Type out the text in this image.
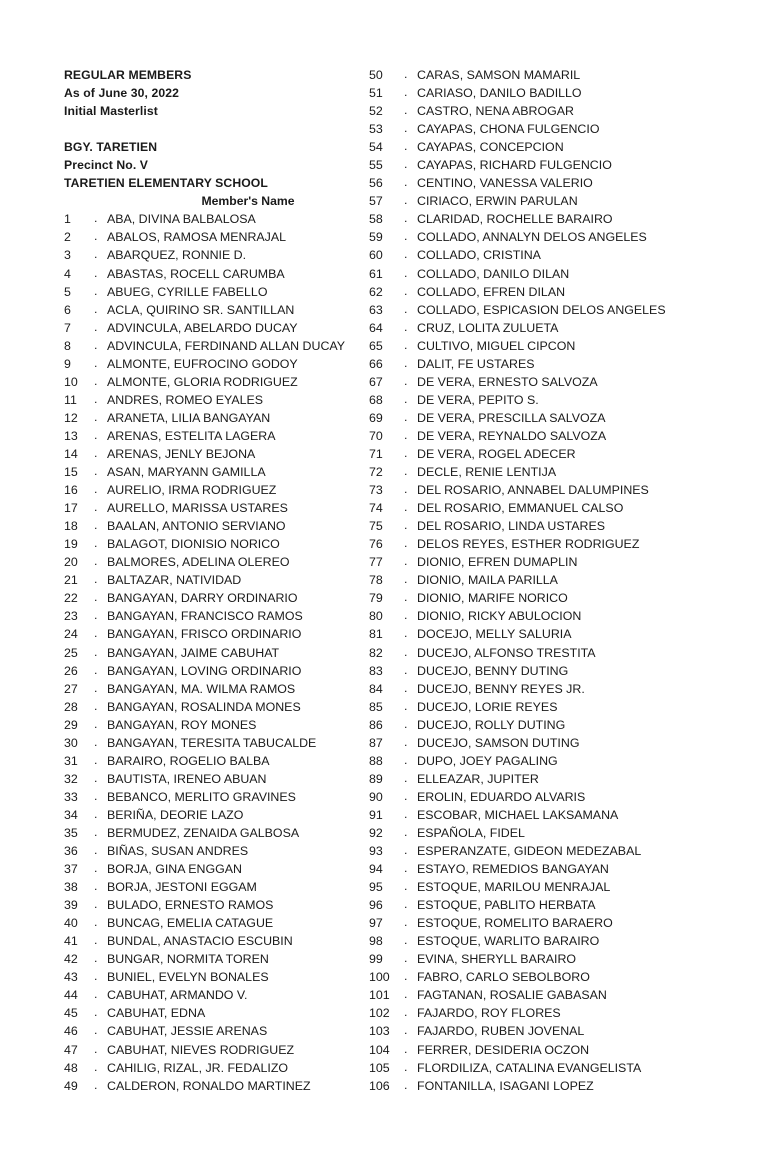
REGULAR MEMBERS
As of June 30, 2022
Initial Masterlist
BGY. TARETIEN
Precinct No. V
TARETIEN ELEMENTARY SCHOOL
Member's Name
1	. ABA, DIVINA BALBALOSA
2	. ABALOS, RAMOSA MENRAJAL
3	. ABARQUEZ, RONNIE D.
4	. ABASTAS, ROCELL CARUMBA
5	. ABUEG, CYRILLE FABELLO
6	. ACLA, QUIRINO SR. SANTILLAN
7	. ADVINCULA, ABELARDO DUCAY
8	. ADVINCULA, FERDINAND ALLAN DUCAY
9	. ALMONTE, EUFROCINO GODOY
10	. ALMONTE, GLORIA RODRIGUEZ
11	. ANDRES, ROMEO EYALES
12	. ARANETA, LILIA BANGAYAN
13	. ARENAS, ESTELITA LAGERA
14	. ARENAS, JENLY BEJONA
15	. ASAN, MARYANN GAMILLA
16	. AURELIO, IRMA RODRIGUEZ
17	. AURELLO, MARISSA USTARES
18	. BAALAN, ANTONIO SERVIANO
19	. BALAGOT, DIONISIO NORICO
20	. BALMORES, ADELINA OLEREO
21	. BALTAZAR, NATIVIDAD
22	. BANGAYAN, DARRY ORDINARIO
23	. BANGAYAN, FRANCISCO RAMOS
24	. BANGAYAN, FRISCO ORDINARIO
25	. BANGAYAN, JAIME CABUHAT
26	. BANGAYAN, LOVING ORDINARIO
27	. BANGAYAN, MA. WILMA RAMOS
28	. BANGAYAN, ROSALINDA MONES
29	. BANGAYAN, ROY MONES
30	. BANGAYAN, TERESITA TABUCALDE
31	. BARAIRO, ROGELIO BALBA
32	. BAUTISTA, IRENEO ABUAN
33	. BEBANCO, MERLITO GRAVINES
34	. BERIÑA, DEORIE LAZO
35	. BERMUDEZ, ZENAIDA GALBOSA
36	. BIÑAS, SUSAN ANDRES
37	. BORJA, GINA ENGGAN
38	. BORJA, JESTONI EGGAM
39	. BULADO, ERNESTO RAMOS
40	. BUNCAG, EMELIA CATAGUE
41	. BUNDAL, ANASTACIO ESCUBIN
42	. BUNGAR, NORMITA TOREN
43	. BUNIEL, EVELYN BONALES
44	. CABUHAT, ARMANDO V.
45	. CABUHAT, EDNA
46	. CABUHAT, JESSIE ARENAS
47	. CABUHAT, NIEVES RODRIGUEZ
48	. CAHILIG, RIZAL, JR. FEDALIZO
49	. CALDERON, RONALDO MARTINEZ
50	. CARAS, SAMSON MAMARIL
51	. CARIASO, DANILO BADILLO
52	. CASTRO, NENA ABROGAR
53	. CAYAPAS, CHONA FULGENCIO
54	. CAYAPAS, CONCEPCION
55	. CAYAPAS, RICHARD FULGENCIO
56	. CENTINO, VANESSA VALERIO
57	. CIRIACO, ERWIN PARULAN
58	. CLARIDAD, ROCHELLE BARAIRO
59	. COLLADO, ANNALYN DELOS ANGELES
60	. COLLADO, CRISTINA
61	. COLLADO, DANILO DILAN
62	. COLLADO, EFREN DILAN
63	. COLLADO, ESPICASION DELOS ANGELES
64	. CRUZ, LOLITA ZULUETA
65	. CULTIVO, MIGUEL CIPCON
66	. DALIT, FE USTARES
67	. DE VERA, ERNESTO SALVOZA
68	. DE VERA, PEPITO S.
69	. DE VERA, PRESCILLA SALVOZA
70	. DE VERA, REYNALDO SALVOZA
71	. DE VERA, ROGEL ADECER
72	. DECLE, RENIE LENTIJA
73	. DEL ROSARIO, ANNABEL DALUMPINES
74	. DEL ROSARIO, EMMANUEL CALSO
75	. DEL ROSARIO, LINDA USTARES
76	. DELOS REYES, ESTHER RODRIGUEZ
77	. DIONIO, EFREN DUMAPLIN
78	. DIONIO, MAILA PARILLA
79	. DIONIO, MARIFE NORICO
80	. DIONIO, RICKY ABULOCION
81	. DOCEJO, MELLY SALURIA
82	. DUCEJO, ALFONSO TRESTITA
83	. DUCEJO, BENNY DUTING
84	. DUCEJO, BENNY REYES JR.
85	. DUCEJO, LORIE REYES
86	. DUCEJO, ROLLY DUTING
87	. DUCEJO, SAMSON DUTING
88	. DUPO, JOEY PAGALING
89	. ELLEAZAR, JUPITER
90	. EROLIN, EDUARDO ALVARIS
91	. ESCOBAR, MICHAEL LAKSAMANA
92	. ESPAÑOLA, FIDEL
93	. ESPERANZATE, GIDEON MEDEZABAL
94	. ESTAYO, REMEDIOS BANGAYAN
95	. ESTOQUE, MARILOU MENRAJAL
96	. ESTOQUE, PABLITO HERBATA
97	. ESTOQUE, ROMELITO BARAERO
98	. ESTOQUE, WARLITO BARAIRO
99	. EVINA, SHERYLL BARAIRO
100	. FABRO, CARLO SEBOLBORO
101	. FAGTANAN, ROSALIE GABASAN
102	. FAJARDO, ROY FLORES
103	. FAJARDO, RUBEN JOVENAL
104	. FERRER, DESIDERIA OCZON
105	. FLORDILIZA, CATALINA EVANGELISTA
106	. FONTANILLA, ISAGANI LOPEZ
